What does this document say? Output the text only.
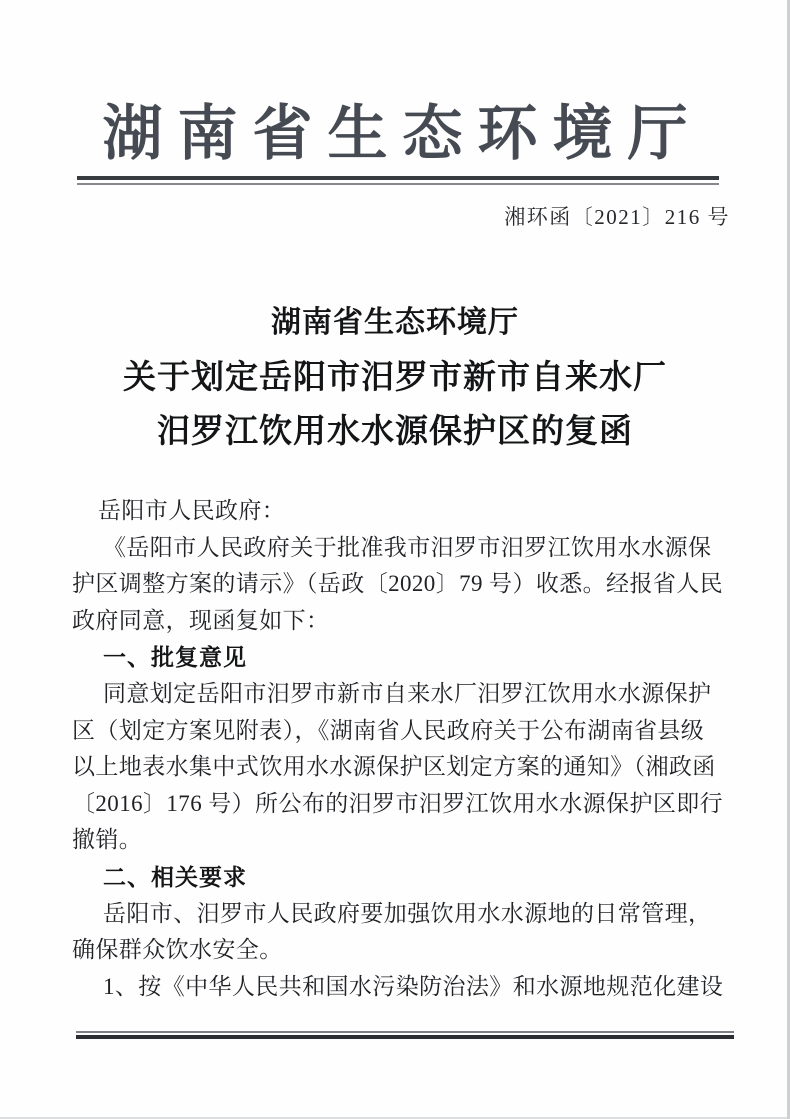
湖南省生态环境厅
湘环函〔2021〕216 号
湖南省生态环境厅
关于划定岳阳市汨罗市新市自来水厂
汨罗江饮用水水源保护区的复函
岳阳市人民政府：
《岳阳市人民政府关于批准我市汨罗市汨罗江饮用水水源保
护区调整方案的请示》（岳政〔2020〕79 号）收悉。经报省人民
政府同意，现函复如下：
一、批复意见
同意划定岳阳市汨罗市新市自来水厂汨罗江饮用水水源保护
区（划定方案见附表），《湖南省人民政府关于公布湖南省县级
以上地表水集中式饮用水水源保护区划定方案的通知》（湘政函
〔2016〕176 号）所公布的汨罗市汨罗江饮用水水源保护区即行
撤销。
二、相关要求
岳阳市、汨罗市人民政府要加强饮用水水源地的日常管理，
确保群众饮水安全。
1、按《中华人民共和国水污染防治法》和水源地规范化建设
